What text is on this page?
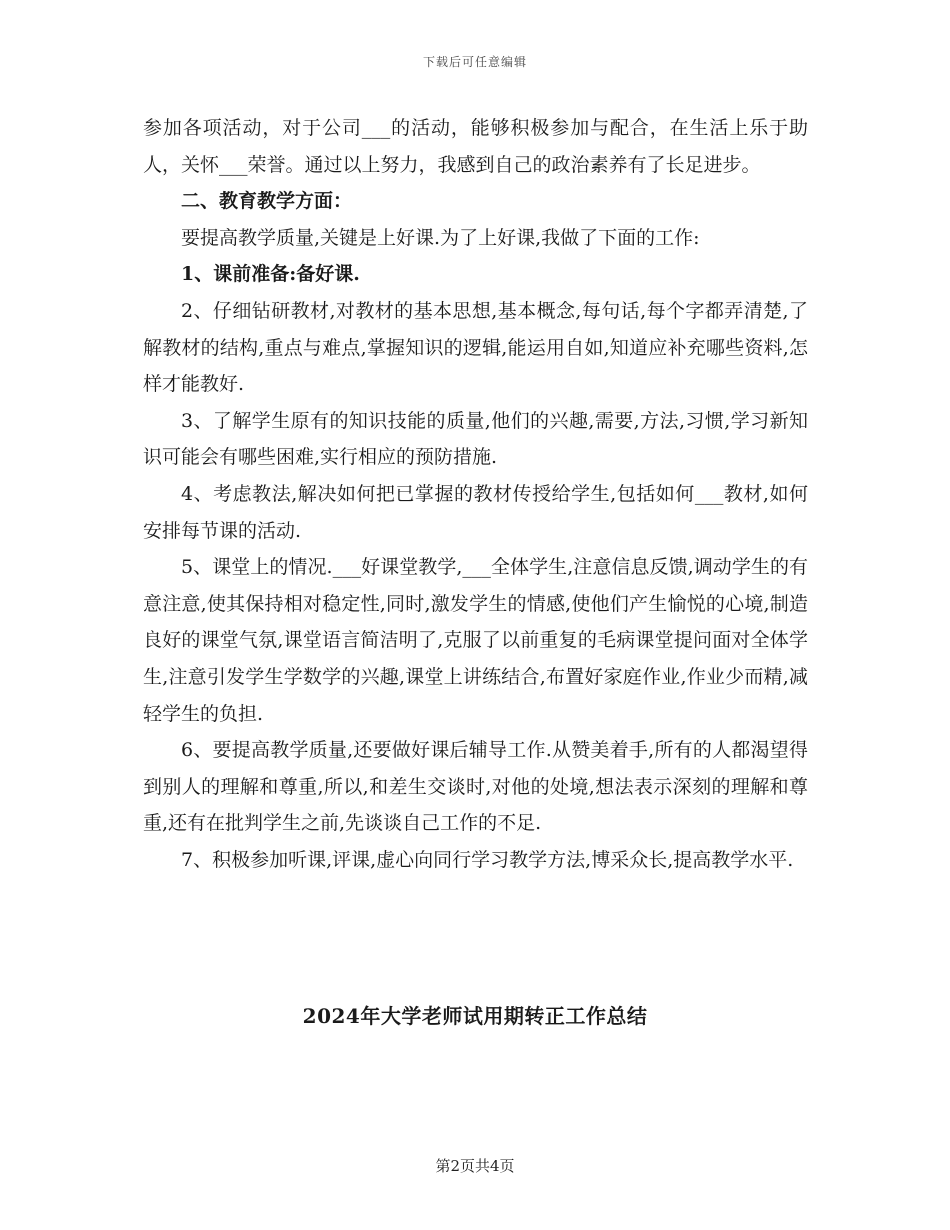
下载后可任意编辑

参加各项活动，对于公司___的活动，能够积极参加与配合，在生活上乐于助人，关怀___荣誉。通过以上努力，我感到自己的政治素养有了长足进步。

二、教育教学方面：

要提高教学质量,关键是上好课.为了上好课,我做了下面的工作:

1、课前准备:备好课.

2、仔细钻研教材,对教材的基本思想,基本概念,每句话,每个字都弄清楚,了解教材的结构,重点与难点,掌握知识的逻辑,能运用自如,知道应补充哪些资料,怎样才能教好.

3、了解学生原有的知识技能的质量,他们的兴趣,需要,方法,习惯,学习新知识可能会有哪些困难,实行相应的预防措施.

4、考虑教法,解决如何把已掌握的教材传授给学生,包括如何___教材,如何安排每节课的活动.

5、课堂上的情况.___好课堂教学,___全体学生,注意信息反馈,调动学生的有意注意,使其保持相对稳定性,同时,激发学生的情感,使他们产生愉悦的心境,制造良好的课堂气氛,课堂语言简洁明了,克服了以前重复的毛病课堂提问面对全体学生,注意引发学生学数学的兴趣,课堂上讲练结合,布置好家庭作业,作业少而精,减轻学生的负担.

6、要提高教学质量,还要做好课后辅导工作.从赞美着手,所有的人都渴望得到别人的理解和尊重,所以,和差生交谈时,对他的处境,想法表示深刻的理解和尊重,还有在批判学生之前,先谈谈自己工作的不足.

7、积极参加听课,评课,虚心向同行学习教学方法,博采众长,提高教学水平.

2024年大学老师试用期转正工作总结
第2页共4页
